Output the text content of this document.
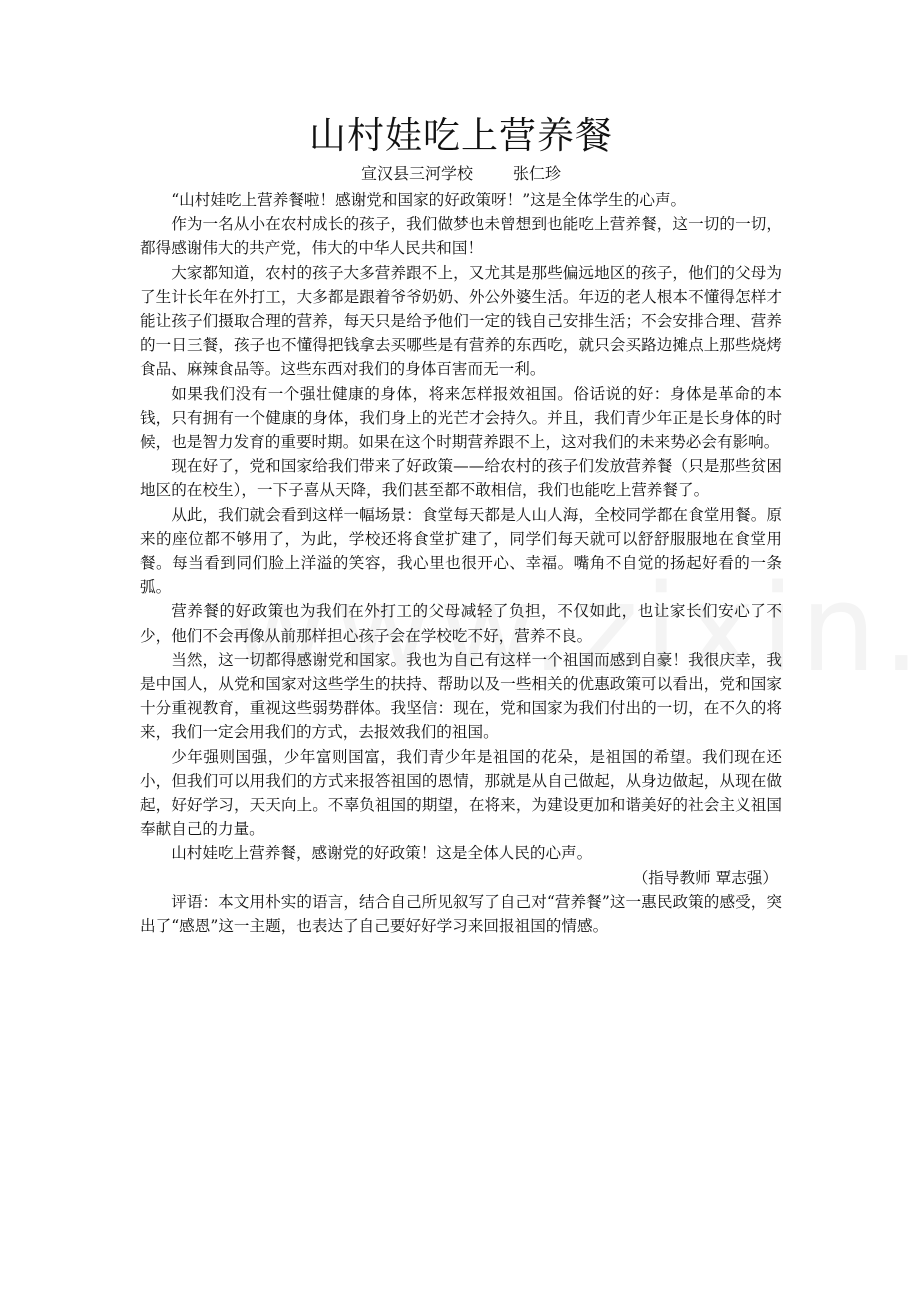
山村娃吃上营养餐

宣汉县三河学校	张仁珍

“山村娃吃上营养餐啦！感谢党和国家的好政策呀！”这是全体学生的心声。

作为一名从小在农村成长的孩子，我们做梦也未曾想到也能吃上营养餐，这一切的一切，都得感谢伟大的共产党，伟大的中华人民共和国！

大家都知道，农村的孩子大多营养跟不上，又尤其是那些偏远地区的孩子，他们的父母为了生计长年在外打工，大多都是跟着爷爷奶奶、外公外婆生活。年迈的老人根本不懂得怎样才能让孩子们摄取合理的营养，每天只是给予他们一定的钱自己安排生活；不会安排合理、营养的一日三餐，孩子也不懂得把钱拿去买哪些是有营养的东西吃，就只会买路边摊点上那些烧烤食品、麻辣食品等。这些东西对我们的身体百害而无一利。

如果我们没有一个强壮健康的身体，将来怎样报效祖国。俗话说的好：身体是革命的本钱，只有拥有一个健康的身体，我们身上的光芒才会持久。并且，我们青少年正是长身体的时候，也是智力发育的重要时期。如果在这个时期营养跟不上，这对我们的未来势必会有影响。

现在好了，党和国家给我们带来了好政策——给农村的孩子们发放营养餐（只是那些贫困地区的在校生），一下子喜从天降，我们甚至都不敢相信，我们也能吃上营养餐了。

从此，我们就会看到这样一幅场景：食堂每天都是人山人海，全校同学都在食堂用餐。原来的座位都不够用了，为此，学校还将食堂扩建了，同学们每天就可以舒舒服服地在食堂用餐。每当看到同们脸上洋溢的笑容，我心里也很开心、幸福。嘴角不自觉的扬起好看的一条弧。

营养餐的好政策也为我们在外打工的父母减轻了负担，不仅如此，也让家长们安心了不少，他们不会再像从前那样担心孩子会在学校吃不好，营养不良。

当然，这一切都得感谢党和国家。我也为自己有这样一个祖国而感到自豪！我很庆幸，我是中国人，从党和国家对这些学生的扶持、帮助以及一些相关的优惠政策可以看出，党和国家十分重视教育，重视这些弱势群体。我坚信：现在，党和国家为我们付出的一切，在不久的将来，我们一定会用我们的方式，去报效我们的祖国。

少年强则国强，少年富则国富，我们青少年是祖国的花朵，是祖国的希望。我们现在还小，但我们可以用我们的方式来报答祖国的恩情，那就是从自己做起，从身边做起，从现在做起，好好学习，天天向上。不辜负祖国的期望，在将来，为建设更加和谐美好的社会主义祖国奉献自己的力量。

山村娃吃上营养餐，感谢党的好政策！这是全体人民的心声。

（指导教师 覃志强）

评语：本文用朴实的语言，结合自己所见叙写了自己对“营养餐”这一惠民政策的感受，突出了“感恩”这一主题，也表达了自己要好好学习来回报祖国的情感。
